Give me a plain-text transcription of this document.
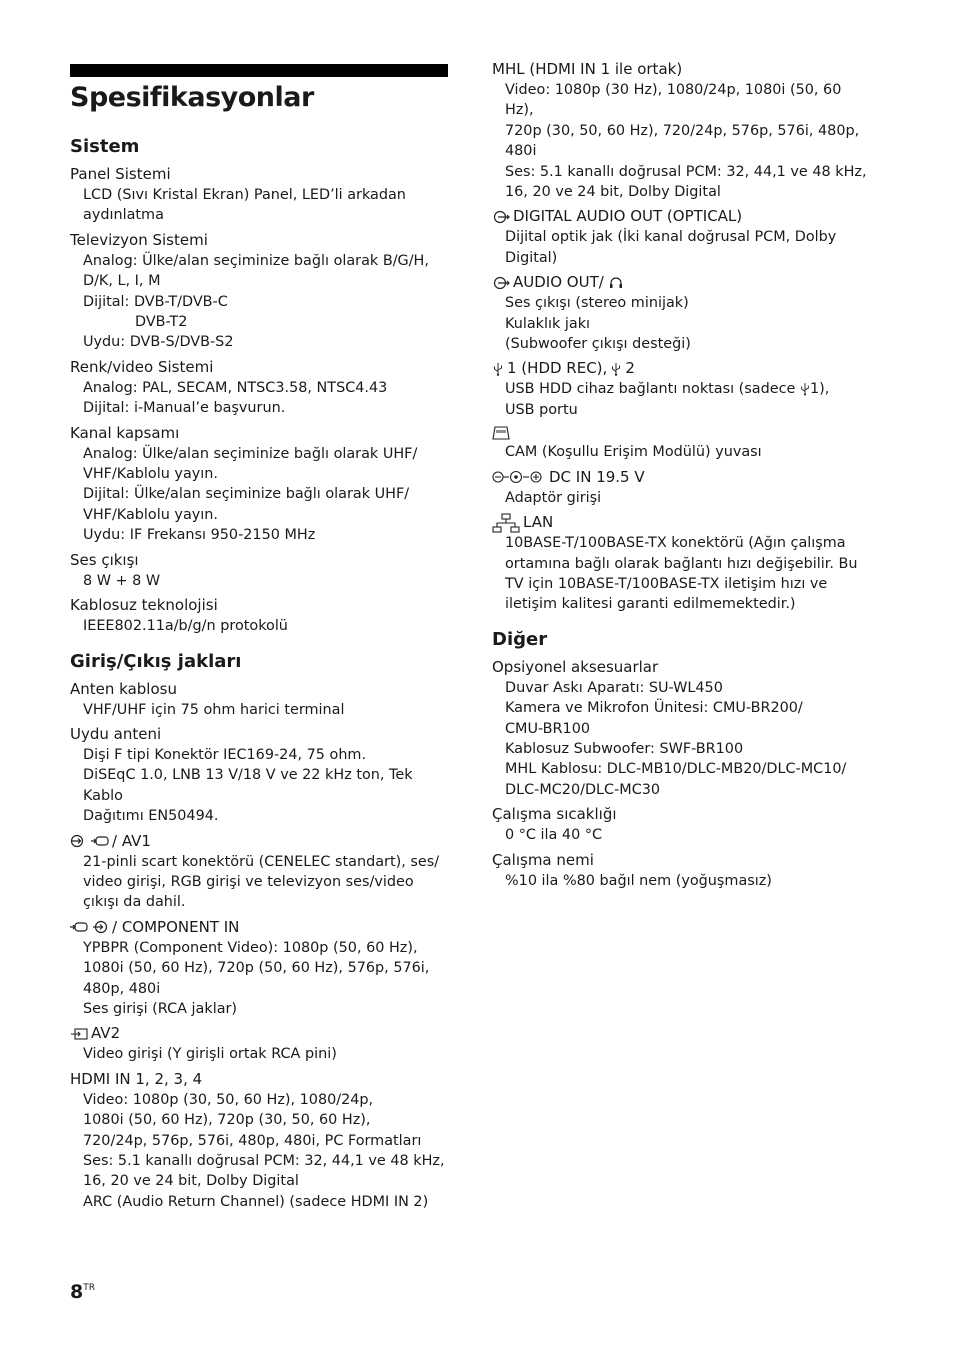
Spesifikasyonlar
Sistem
Panel Sistemi
LCD (Sıvı Kristal Ekran) Panel, LED’li arkadan
aydınlatma
Televizyon Sistemi
Analog: Ülke/alan seçiminize bağlı olarak B/G/H,
D/K, L, I, M
Dijital: DVB-T/DVB-C
DVB-T2
Uydu: DVB-S/DVB-S2
Renk/video Sistemi
Analog: PAL, SECAM, NTSC3.58, NTSC4.43
Dijital: i-Manual’e başvurun.
Kanal kapsamı
Analog: Ülke/alan seçiminize bağlı olarak UHF/
VHF/Kablolu yayın.
Dijital: Ülke/alan seçiminize bağlı olarak UHF/
VHF/Kablolu yayın.
Uydu: IF Frekansı 950-2150 MHz
Ses çıkışı
8 W + 8 W
Kablosuz teknolojisi
IEEE802.11a/b/g/n protokolü
Giriş/Çıkış jakları
Anten kablosu
VHF/UHF için 75 ohm harici terminal
Uydu anteni
Dişi F tipi Konektör IEC169-24, 75 ohm.
DiSEqC 1.0, LNB 13 V/18 V ve 22 kHz ton, Tek Kablo
Dağıtımı EN50494.
/ AV1
21-pinli scart konektörü (CENELEC standart), ses/
video girişi, RGB girişi ve televizyon ses/video
çıkışı da dahil.
/ COMPONENT IN
YPBPR (Component Video): 1080p (50, 60 Hz),
1080i (50, 60 Hz), 720p (50, 60 Hz), 576p, 576i,
480p, 480i
Ses girişi (RCA jaklar)
AV2
Video girişi (Y girişli ortak RCA pini)
HDMI IN 1, 2, 3, 4
Video: 1080p (30, 50, 60 Hz), 1080/24p,
1080i (50, 60 Hz), 720p (30, 50, 60 Hz),
720/24p, 576p, 576i, 480p, 480i, PC Formatları
Ses: 5.1 kanallı doğrusal PCM: 32, 44,1 ve 48 kHz,
16, 20 ve 24 bit, Dolby Digital
ARC (Audio Return Channel) (sadece HDMI IN 2)
MHL (HDMI IN 1 ile ortak)
Video: 1080p (30 Hz), 1080/24p, 1080i (50, 60 Hz),
720p (30, 50, 60 Hz), 720/24p, 576p, 576i, 480p,
480i
Ses: 5.1 kanallı doğrusal PCM: 32, 44,1 ve 48 kHz,
16, 20 ve 24 bit, Dolby Digital
DIGITAL AUDIO OUT (OPTICAL)
Dijital optik jak (İki kanal doğrusal PCM, Dolby
Digital)
AUDIO OUT/
Ses çıkışı (stereo minijak)
Kulaklık jakı
(Subwoofer çıkışı desteği)
1 (HDD REC), 2
USB HDD cihaz bağlantı noktası (sadece 1),
USB portu
CAM (Koşullu Erişim Modülü) yuvası
DC IN 19.5 V
Adaptör girişi
LAN
10BASE-T/100BASE-TX konektörü (Ağın çalışma
ortamına bağlı olarak bağlantı hızı değişebilir. Bu
TV için 10BASE-T/100BASE-TX iletişim hızı ve
iletişim kalitesi garanti edilmemektedir.)
Diğer
Opsiyonel aksesuarlar
Duvar Askı Aparatı: SU-WL450
Kamera ve Mikrofon Ünitesi: CMU-BR200/
CMU-BR100
Kablosuz Subwoofer: SWF-BR100
MHL Kablosu: DLC-MB10/DLC-MB20/DLC-MC10/
DLC-MC20/DLC-MC30
Çalışma sıcaklığı
0 °C ila 40 °C
Çalışma nemi
%10 ila %80 bağıl nem (yoğuşmasız)
$8^{TR}$
